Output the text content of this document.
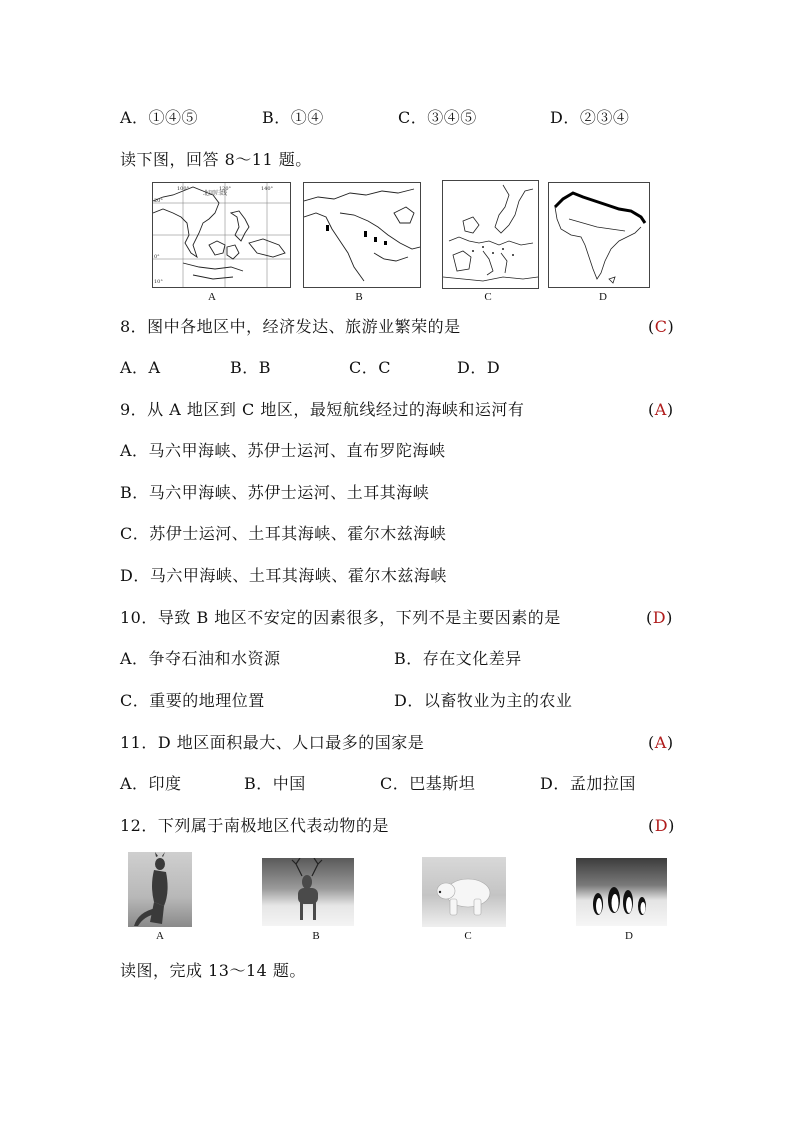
A．①④⑤	B．①④	C．③④⑤	D．②③④
读下图，回答 8～11 题。
北回归线
100°	120°	140°
20°
0°
10°
A	B	C	D
8．图中各地区中，经济发达、旅游业繁荣的是	(C)
A．A	B．B	C．C	D．D
9．从 A 地区到 C 地区，最短航线经过的海峡和运河有	(A)
A．马六甲海峡、苏伊士运河、直布罗陀海峡
B．马六甲海峡、苏伊士运河、土耳其海峡
C．苏伊士运河、土耳其海峡、霍尔木兹海峡
D．马六甲海峡、土耳其海峡、霍尔木兹海峡
10．导致 B 地区不安定的因素很多，下列不是主要因素的是	(D)
A．争夺石油和水资源	B．存在文化差异
C．重要的地理位置	D．以畜牧业为主的农业
11．D 地区面积最大、人口最多的国家是	(A)
A．印度	B．中国	C．巴基斯坦	D．孟加拉国
12．下列属于南极地区代表动物的是	(D)
A	B	C	D
读图，完成 13～14 题。
